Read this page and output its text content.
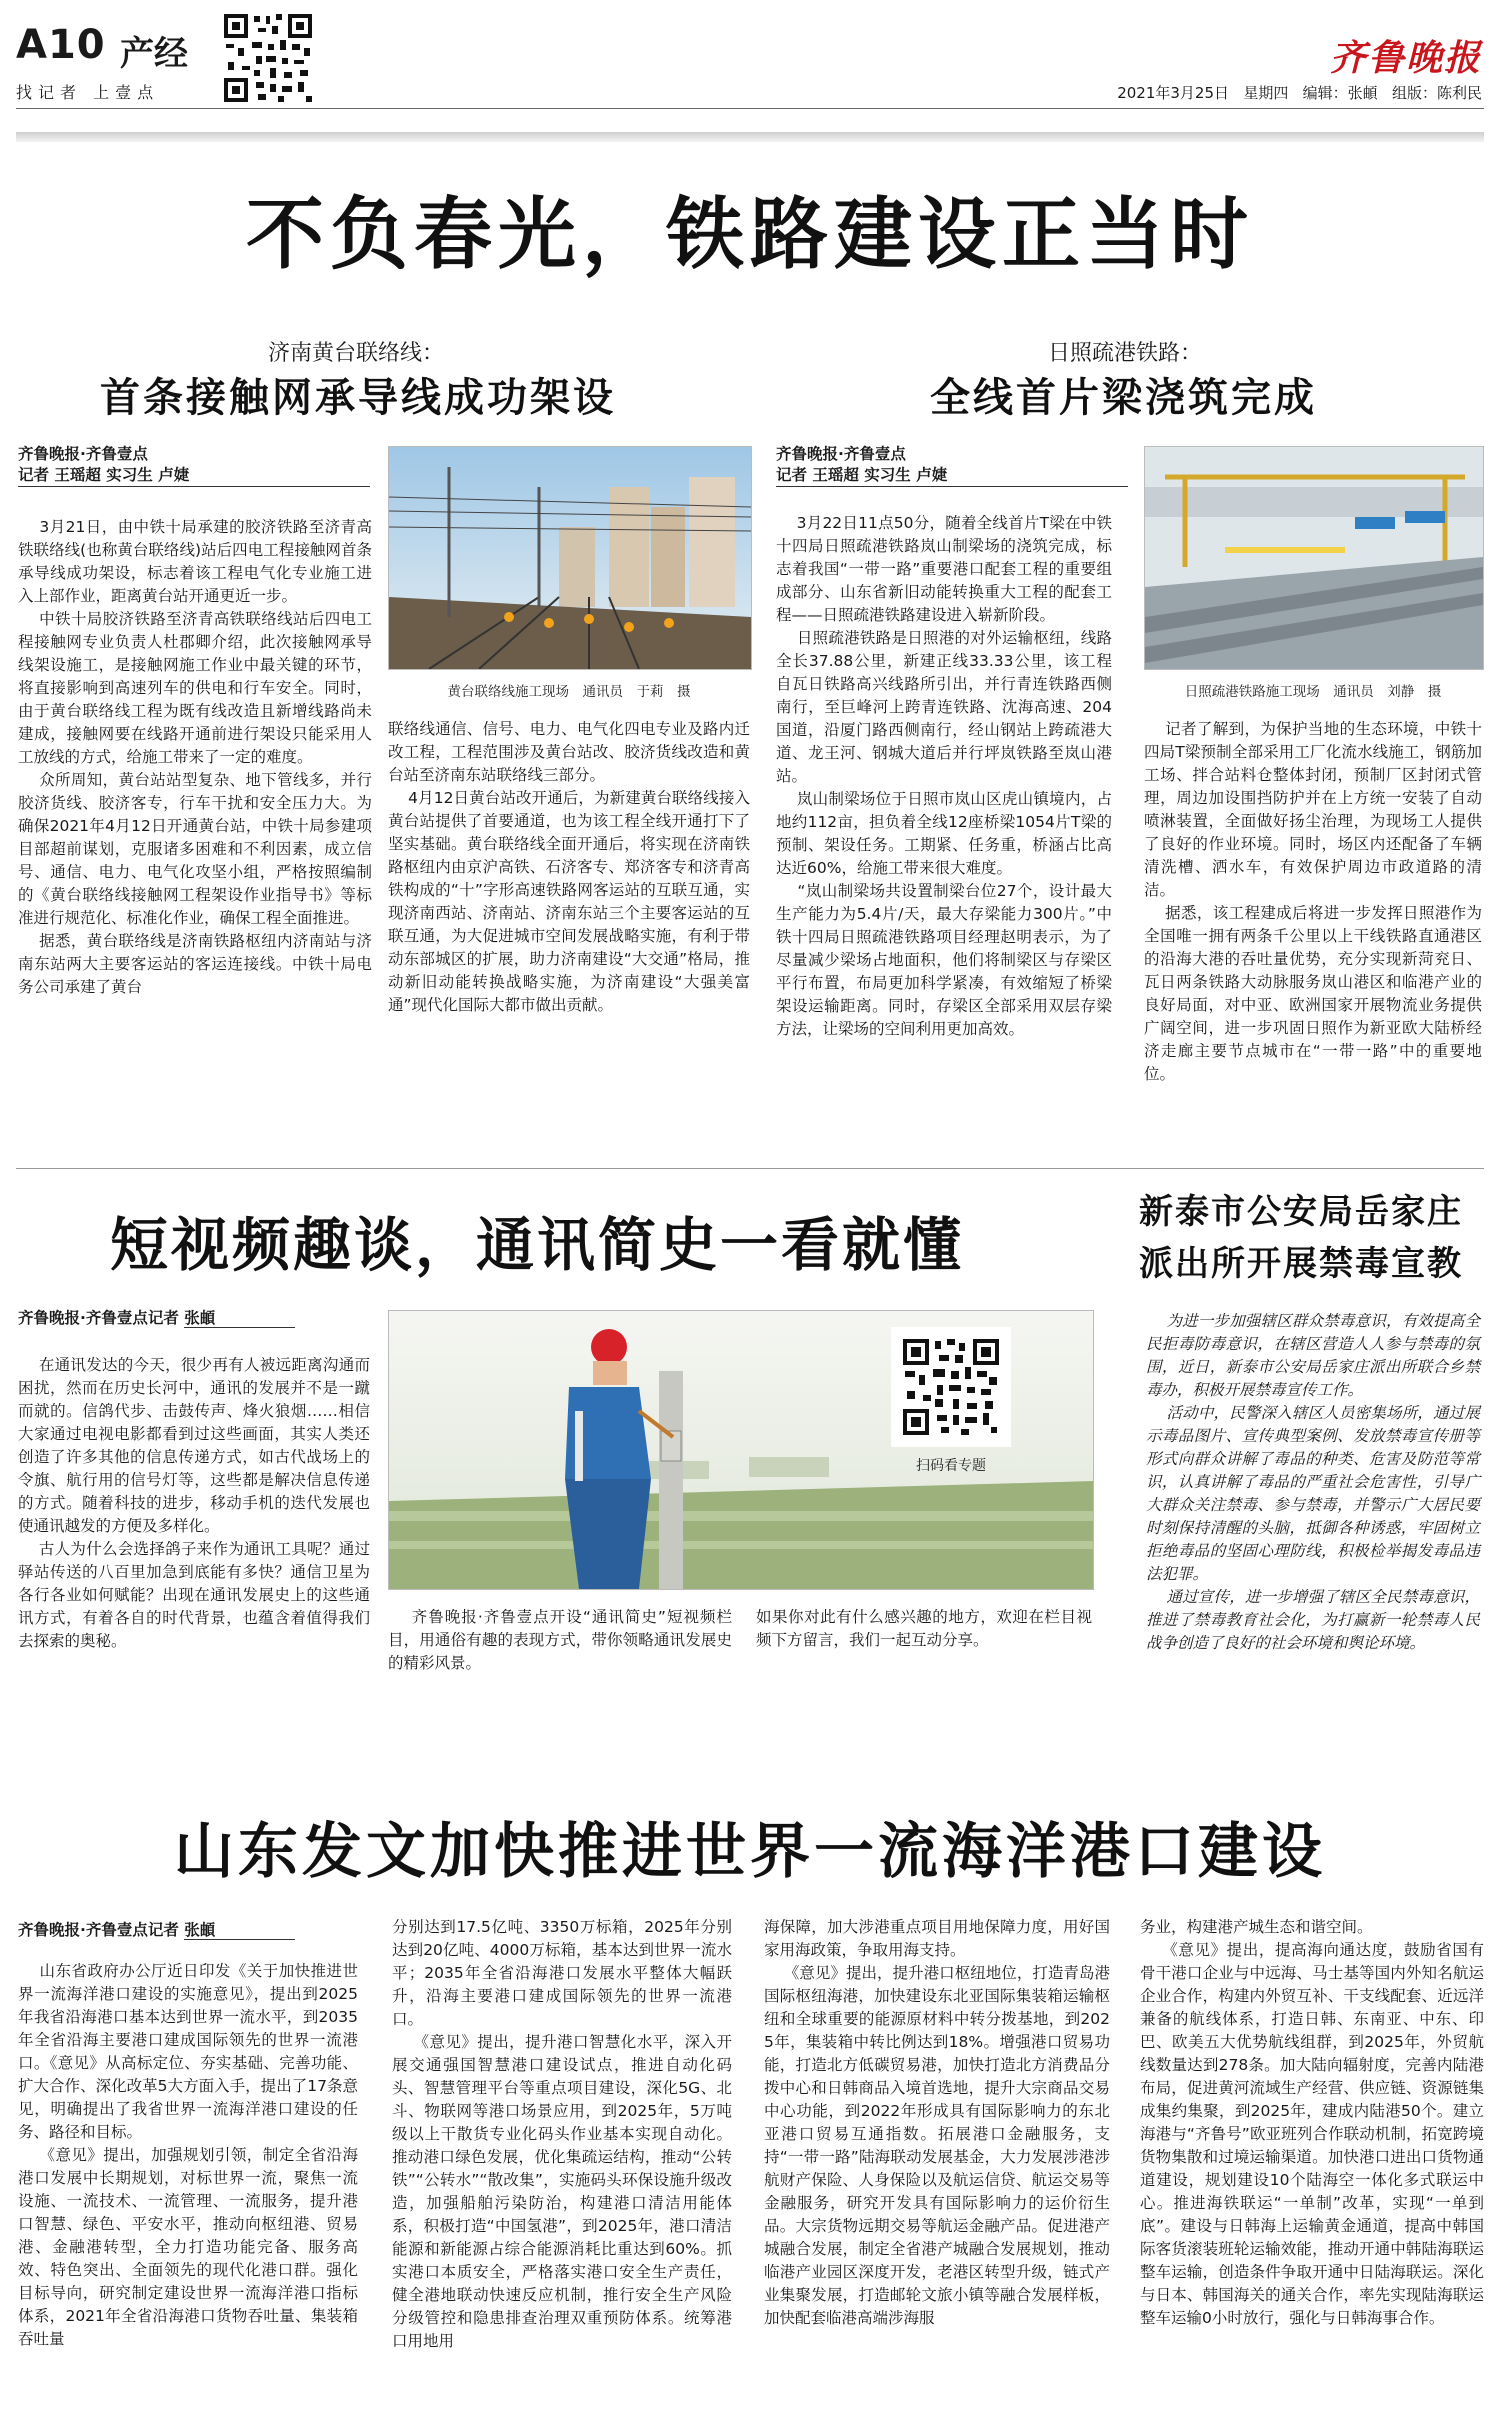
A10 产经
找记者 上壹点
齐鲁晚报
2021年3月25日 星期四 编辑：张頔 组版：陈利民
不负春光，铁路建设正当时
济南黄台联络线：
首条接触网承导线成功架设
齐鲁晚报·齐鲁壹点
记者 王瑶超 实习生 卢婕

3月21日，由中铁十局承建的胶济铁路至济青高铁联络线(也称黄台联络线)站后四电工程接触网首条承导线成功架设，标志着该工程电气化专业施工进入上部作业，距离黄台站开通更近一步。
中铁十局胶济铁路至济青高铁联络线站后四电工程接触网专业负责人杜郡卿介绍，此次接触网承导线架设施工，是接触网施工作业中最关键的环节，将直接影响到高速列车的供电和行车安全。同时，由于黄台联络线工程为既有线改造且新增线路尚未建成，接触网要在线路开通前进行架设只能采用人工放线的方式，给施工带来了一定的难度。
众所周知，黄台站站型复杂、地下管线多，并行胶济货线、胶济客专，行车干扰和安全压力大。为确保2021年4月12日开通黄台站，中铁十局参建项目部超前谋划，克服诸多困难和不利因素，成立信号、通信、电力、电气化攻坚小组，严格按照编制的《黄台联络线接触网工程架设作业指导书》等标准进行规范化、标准化作业，确保工程全面推进。
据悉，黄台联络线是济南铁路枢纽内济南站与济南东站两大主要客运站的客运连接线。中铁十局电务公司承建了黄台

黄台联络线施工现场　通讯员　于莉　摄

联络线通信、信号、电力、电气化四电专业及路内迁改工程，工程范围涉及黄台站改、胶济货线改造和黄台站至济南东站联络线三部分。
4月12日黄台站改开通后，为新建黄台联络线接入黄台站提供了首要通道，也为该工程全线开通打下了坚实基础。黄台联络线全面开通后，将实现在济南铁路枢纽内由京沪高铁、石济客专、郑济客专和济青高铁构成的“十”字形高速铁路网客运站的互联互通，实现济南西站、济南站、济南东站三个主要客运站的互联互通，为大促进城市空间发展战略实施，有利于带动东部城区的扩展，助力济南建设“大交通”格局，推动新旧动能转换战略实施，为济南建设“大强美富通”现代化国际大都市做出贡献。

日照疏港铁路：
全线首片梁浇筑完成
齐鲁晚报·齐鲁壹点
记者 王瑶超 实习生 卢婕

3月22日11点50分，随着全线首片T梁在中铁十四局日照疏港铁路岚山制梁场的浇筑完成，标志着我国“一带一路”重要港口配套工程的重要组成部分、山东省新旧动能转换重大工程的配套工程——日照疏港铁路建设进入崭新阶段。
日照疏港铁路是日照港的对外运输枢纽，线路全长37.88公里，新建正线33.33公里，该工程自瓦日铁路高兴线路所引出，并行青连铁路西侧南行，至巨峰河上跨青连铁路、沈海高速、204国道，沿厦门路西侧南行，经山钢站上跨疏港大道、龙王河、钢城大道后并行坪岚铁路至岚山港站。
岚山制梁场位于日照市岚山区虎山镇境内，占地约112亩，担负着全线12座桥梁1054片T梁的预制、架设任务。工期紧、任务重，桥涵占比高达近60%，给施工带来很大难度。
“岚山制梁场共设置制梁台位27个，设计最大生产能力为5.4片/天，最大存梁能力300片。”中铁十四局日照疏港铁路项目经理赵明表示，为了尽量减少梁场占地面积，他们将制梁区与存梁区平行布置，布局更加科学紧凑，有效缩短了桥梁架设运输距离。同时，存梁区全部采用双层存梁方法，让梁场的空间利用更加高效。

日照疏港铁路施工现场　通讯员　刘静　摄

记者了解到，为保护当地的生态环境，中铁十四局T梁预制全部采用工厂化流水线施工，钢筋加工场、拌合站料仓整体封闭，预制厂区封闭式管理，周边加设围挡防护并在上方统一安装了自动喷淋装置，全面做好扬尘治理，为现场工人提供了良好的作业环境。同时，场区内还配备了车辆清洗槽、洒水车，有效保护周边市政道路的清洁。
据悉，该工程建成后将进一步发挥日照港作为全国唯一拥有两条千公里以上干线铁路直通港区的沿海大港的吞吐量优势，充分实现新菏兖日、瓦日两条铁路大动脉服务岚山港区和临港产业的良好局面，对中亚、欧洲国家开展物流业务提供广阔空间，进一步巩固日照作为新亚欧大陆桥经济走廊主要节点城市在“一带一路”中的重要地位。

短视频趣谈，通讯简史一看就懂
齐鲁晚报·齐鲁壹点记者 张頔

在通讯发达的今天，很少再有人被远距离沟通而困扰，然而在历史长河中，通讯的发展并不是一蹴而就的。信鸽代步、击鼓传声、烽火狼烟……相信大家通过电视电影都看到过这些画面，其实人类还创造了许多其他的信息传递方式，如古代战场上的令旗、航行用的信号灯等，这些都是解决信息传递的方式。随着科技的进步，移动手机的迭代发展也使通讯越发的方便及多样化。
古人为什么会选择鸽子来作为通讯工具呢？通过驿站传送的八百里加急到底能有多快？通信卫星为各行各业如何赋能？出现在通讯发展史上的这些通讯方式，有着各自的时代背景，也蕴含着值得我们去探索的奥秘。

扫码看专题

齐鲁晚报·齐鲁壹点开设“通讯简史”短视频栏目，用通俗有趣的表现方式，带你领略通讯发展史的精彩风景。

如果你对此有什么感兴趣的地方，欢迎在栏目视频下方留言，我们一起互动分享。

新泰市公安局岳家庄
派出所开展禁毒宣教

为进一步加强辖区群众禁毒意识，有效提高全民拒毒防毒意识，在辖区营造人人参与禁毒的氛围，近日，新泰市公安局岳家庄派出所联合乡禁毒办，积极开展禁毒宣传工作。
活动中，民警深入辖区人员密集场所，通过展示毒品图片、宣传典型案例、发放禁毒宣传册等形式向群众讲解了毒品的种类、危害及防范等常识，认真讲解了毒品的严重社会危害性，引导广大群众关注禁毒、参与禁毒，并警示广大居民要时刻保持清醒的头脑，抵御各种诱惑，牢固树立拒绝毒品的坚固心理防线，积极检举揭发毒品违法犯罪。
通过宣传，进一步增强了辖区全民禁毒意识，推进了禁毒教育社会化，为打赢新一轮禁毒人民战争创造了良好的社会环境和舆论环境。

山东发文加快推进世界一流海洋港口建设
齐鲁晚报·齐鲁壹点记者 张頔

山东省政府办公厅近日印发《关于加快推进世界一流海洋港口建设的实施意见》，提出到2025年我省沿海港口基本达到世界一流水平，到2035年全省沿海主要港口建成国际领先的世界一流港口。《意见》从高标定位、夯实基础、完善功能、扩大合作、深化改革5大方面入手，提出了17条意见，明确提出了我省世界一流海洋港口建设的任务、路径和目标。
《意见》提出，加强规划引领，制定全省沿海港口发展中长期规划，对标世界一流，聚焦一流设施、一流技术、一流管理、一流服务，提升港口智慧、绿色、平安水平，推动向枢纽港、贸易港、金融港转型，全力打造功能完备、服务高效、特色突出、全面领先的现代化港口群。强化目标导向，研究制定建设世界一流海洋港口指标体系，2021年全省沿海港口货物吞吐量、集装箱吞吐量

分别达到17.5亿吨、3350万标箱，2025年分别达到20亿吨、4000万标箱，基本达到世界一流水平；2035年全省沿海港口发展水平整体大幅跃升，沿海主要港口建成国际领先的世界一流港口。
《意见》提出，提升港口智慧化水平，深入开展交通强国智慧港口建设试点，推进自动化码头、智慧管理平台等重点项目建设，深化5G、北斗、物联网等港口场景应用，到2025年，5万吨级以上干散货专业化码头作业基本实现自动化。推动港口绿色发展，优化集疏运结构，推动“公转铁”“公转水”“散改集”，实施码头环保设施升级改造，加强船舶污染防治，构建港口清洁用能体系，积极打造“中国氢港”，到2025年，港口清洁能源和新能源占综合能源消耗比重达到60%。抓实港口本质安全，严格落实港口安全生产责任，健全港地联动快速反应机制，推行安全生产风险分级管控和隐患排查治理双重预防体系。统筹港口用地用

海保障，加大涉港重点项目用地保障力度，用好国家用海政策，争取用海支持。
《意见》提出，提升港口枢纽地位，打造青岛港国际枢纽海港，加快建设东北亚国际集装箱运输枢纽和全球重要的能源原材料中转分拨基地，到2025年，集装箱中转比例达到18%。增强港口贸易功能，打造北方低碳贸易港，加快打造北方消费品分拨中心和日韩商品入境首选地，提升大宗商品交易中心功能，到2022年形成具有国际影响力的东北亚港口贸易互通指数。拓展港口金融服务，支持“一带一路”陆海联动发展基金，大力发展涉港涉航财产保险、人身保险以及航运信贷、航运交易等金融服务，研究开发具有国际影响力的运价衍生品。大宗货物远期交易等航运金融产品。促进港产城融合发展，制定全省港产城融合发展规划，推动临港产业园区深度开发，老港区转型升级，链式产业集聚发展，打造邮轮文旅小镇等融合发展样板，加快配套临港高端涉海服

务业，构建港产城生态和谐空间。
《意见》提出，提高海向通达度，鼓励省国有骨干港口企业与中远海、马士基等国内外知名航运企业合作，构建内外贸互补、干支线配套、近远洋兼备的航线体系，打造日韩、东南亚、中东、印巴、欧美五大优势航线组群，到2025年，外贸航线数量达到278条。加大陆向辐射度，完善内陆港布局，促进黄河流域生产经营、供应链、资源链集成集约集聚，到2025年，建成内陆港50个。建立海港与“齐鲁号”欧亚班列合作联动机制，拓宽跨境货物集散和过境运输渠道。加快港口进出口货物通道建设，规划建设10个陆海空一体化多式联运中心。推进海铁联运“一单制”改革，实现“一单到底”。建设与日韩海上运输黄金通道，提高中韩国际客货滚装班轮运输效能，推动开通中韩陆海联运整车运输，创造条件争取开通中日陆海联运。深化与日本、韩国海关的通关合作，率先实现陆海联运整车运输0小时放行，强化与日韩海事合作。
